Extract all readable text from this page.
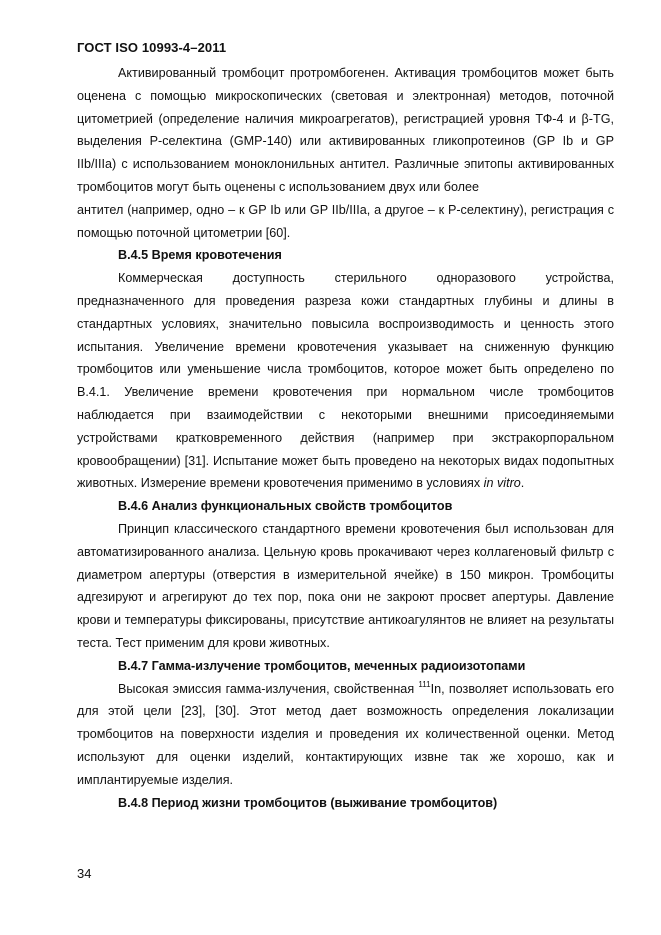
ГОСТ ISO 10993-4–2011

Активированный тромбоцит протромбогенен. Активация тромбоцитов может быть оценена с помощью микроскопических (световая и электронная) методов, поточной цитометрией (определение наличия микроагрегатов), регистрацией уровня ТФ-4 и β-TG, выделения P-селектина (GMP-140) или активированных гликопротеинов (GP Ib и GP IIb/IIIa) с использованием моноклонильных антител. Различные эпитопы активированных тромбоцитов могут быть оценены с использованием двух или более

антител (например, одно – к GP Ib или GP IIb/IIIa, а другое – к P-селектину), регистрация с помощью поточной цитометрии [60].

В.4.5 Время кровотечения

Коммерческая доступность стерильного одноразового устройства, предназначенного для проведения разреза кожи стандартных глубины и длины в стандартных условиях, значительно повысила воспроизводимость и ценность этого испытания. Увеличение времени кровотечения указывает на сниженную функцию тромбоцитов или уменьшение числа тромбоцитов, которое может быть определено по В.4.1. Увеличение времени кровотечения при нормальном числе тромбоцитов наблюдается при взаимодействии с некоторыми внешними присоединяемыми устройствами кратковременного действия (например при экстракорпоральном кровообращении) [31]. Испытание может быть проведено на некоторых видах подопытных животных. Измерение времени кровотечения применимо в условиях in vitro.

В.4.6 Анализ функциональных свойств тромбоцитов

Принцип классического стандартного времени кровотечения был использован для автоматизированного анализа. Цельную кровь прокачивают через коллагеновый фильтр с диаметром апертуры (отверстия в измерительной ячейке) в 150 микрон. Тромбоциты адгезируют и агрегируют до тех пор, пока они не закроют просвет апертуры. Давление крови и температуры фиксированы, присутствие антикоагулянтов не влияет на результаты теста. Тест применим для крови животных.

В.4.7 Гамма-излучение тромбоцитов, меченных радиоизотопами

Высокая эмиссия гамма-излучения, свойственная $^{111}$In, позволяет использовать его для этой цели [23], [30]. Этот метод дает возможность определения локализации тромбоцитов на поверхности изделия и проведения их количественной оценки. Метод используют для оценки изделий, контактирующих извне так же хорошо, как и имплантируемые изделия.

В.4.8 Период жизни тромбоцитов (выживание тромбоцитов)

34
